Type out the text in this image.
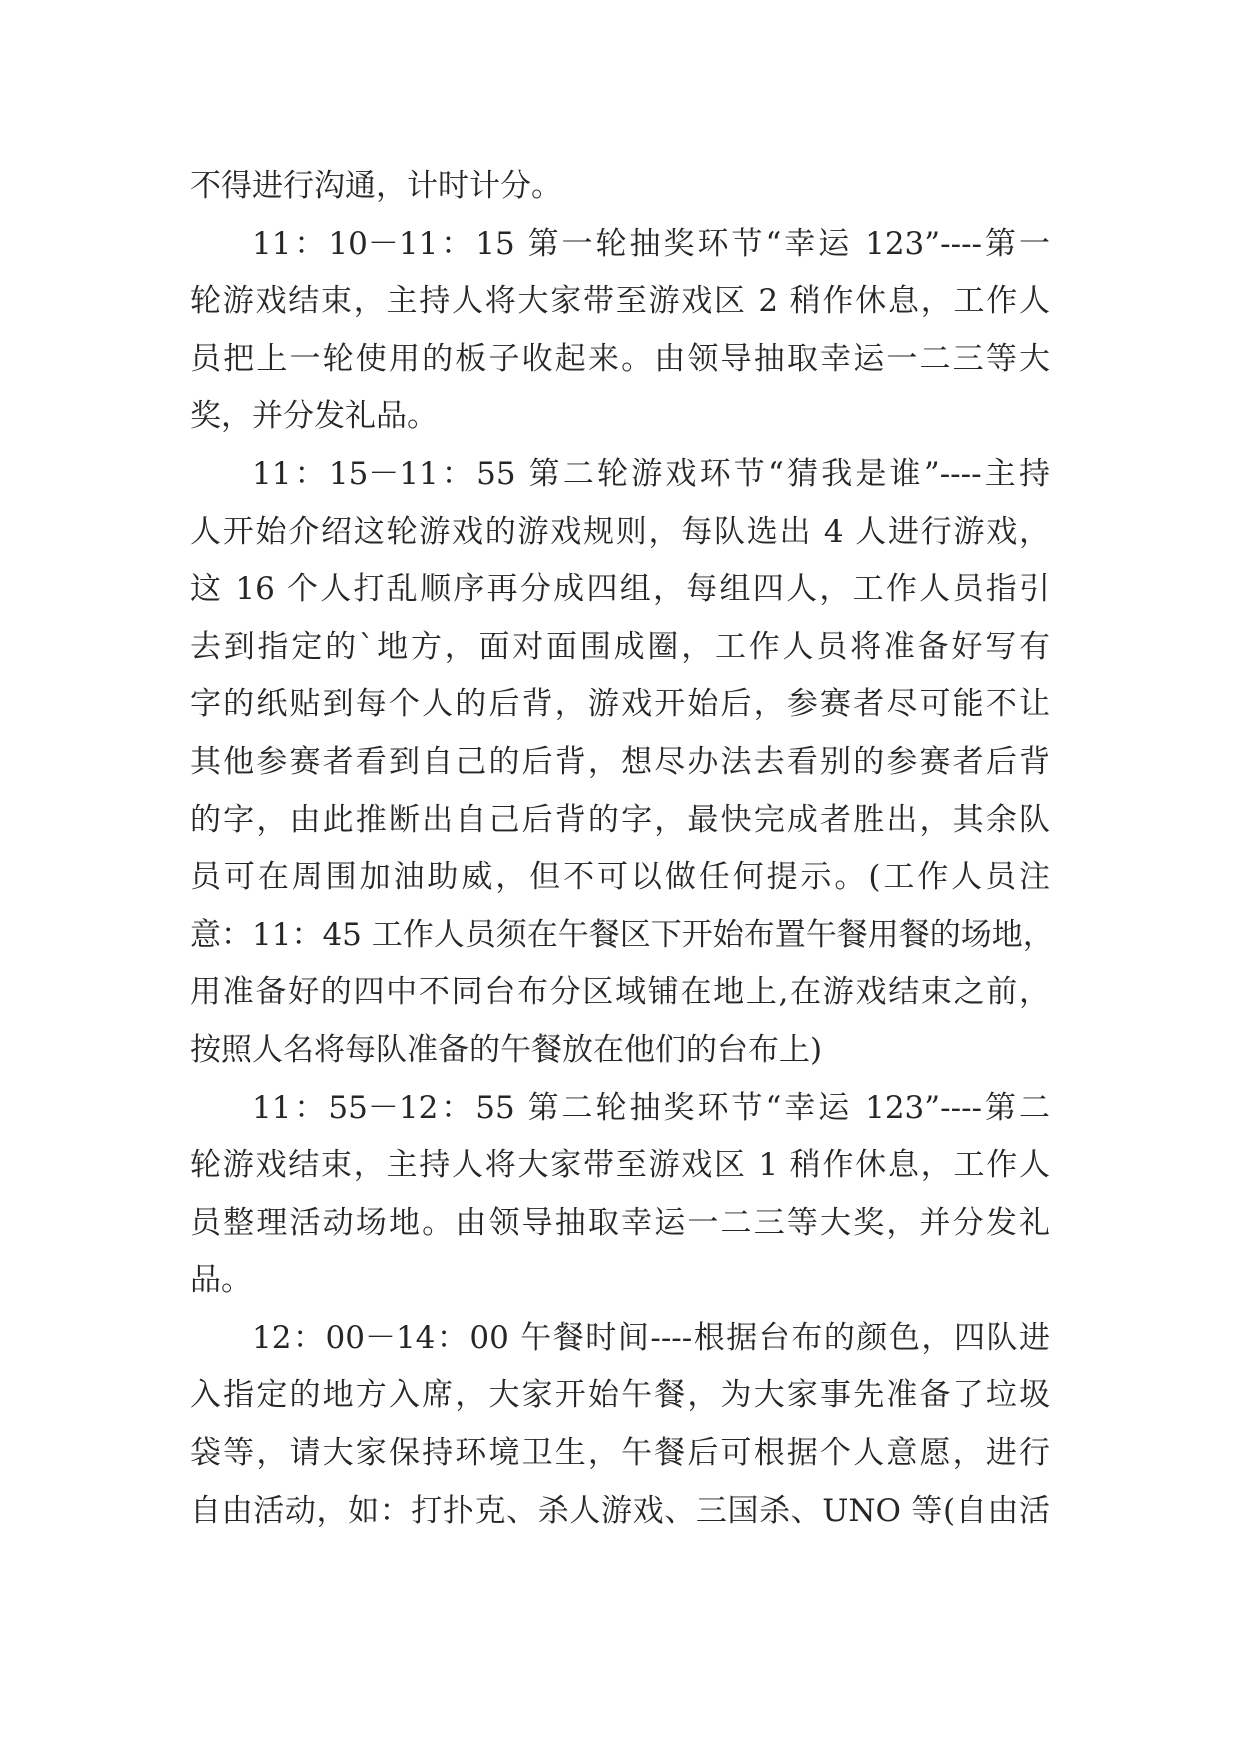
不得进行沟通，计时计分。
11：10－11：15 第一轮抽奖环节“幸运 123”----第一
轮游戏结束，主持人将大家带至游戏区 2 稍作休息，工作人
员把上一轮使用的板子收起来。由领导抽取幸运一二三等大
奖，并分发礼品。
11：15－11：55 第二轮游戏环节“猜我是谁”----主持
人开始介绍这轮游戏的游戏规则，每队选出 4 人进行游戏，
这 16 个人打乱顺序再分成四组，每组四人，工作人员指引
去到指定的`地方，面对面围成圈，工作人员将准备好写有
字的纸贴到每个人的后背，游戏开始后，参赛者尽可能不让
其他参赛者看到自己的后背，想尽办法去看别的参赛者后背
的字，由此推断出自己后背的字，最快完成者胜出，其余队
员可在周围加油助威，但不可以做任何提示。(工作人员注
意：11：45 工作人员须在午餐区下开始布置午餐用餐的场地，
用准备好的四中不同台布分区域铺在地上,在游戏结束之前，
按照人名将每队准备的午餐放在他们的台布上)
11：55－12：55 第二轮抽奖环节“幸运 123”----第二
轮游戏结束，主持人将大家带至游戏区 1 稍作休息，工作人
员整理活动场地。由领导抽取幸运一二三等大奖，并分发礼
品。
12：00－14：00 午餐时间----根据台布的颜色，四队进
入指定的地方入席，大家开始午餐，为大家事先准备了垃圾
袋等，请大家保持环境卫生，午餐后可根据个人意愿，进行
自由活动，如：打扑克、杀人游戏、三国杀、UNO 等(自由活
